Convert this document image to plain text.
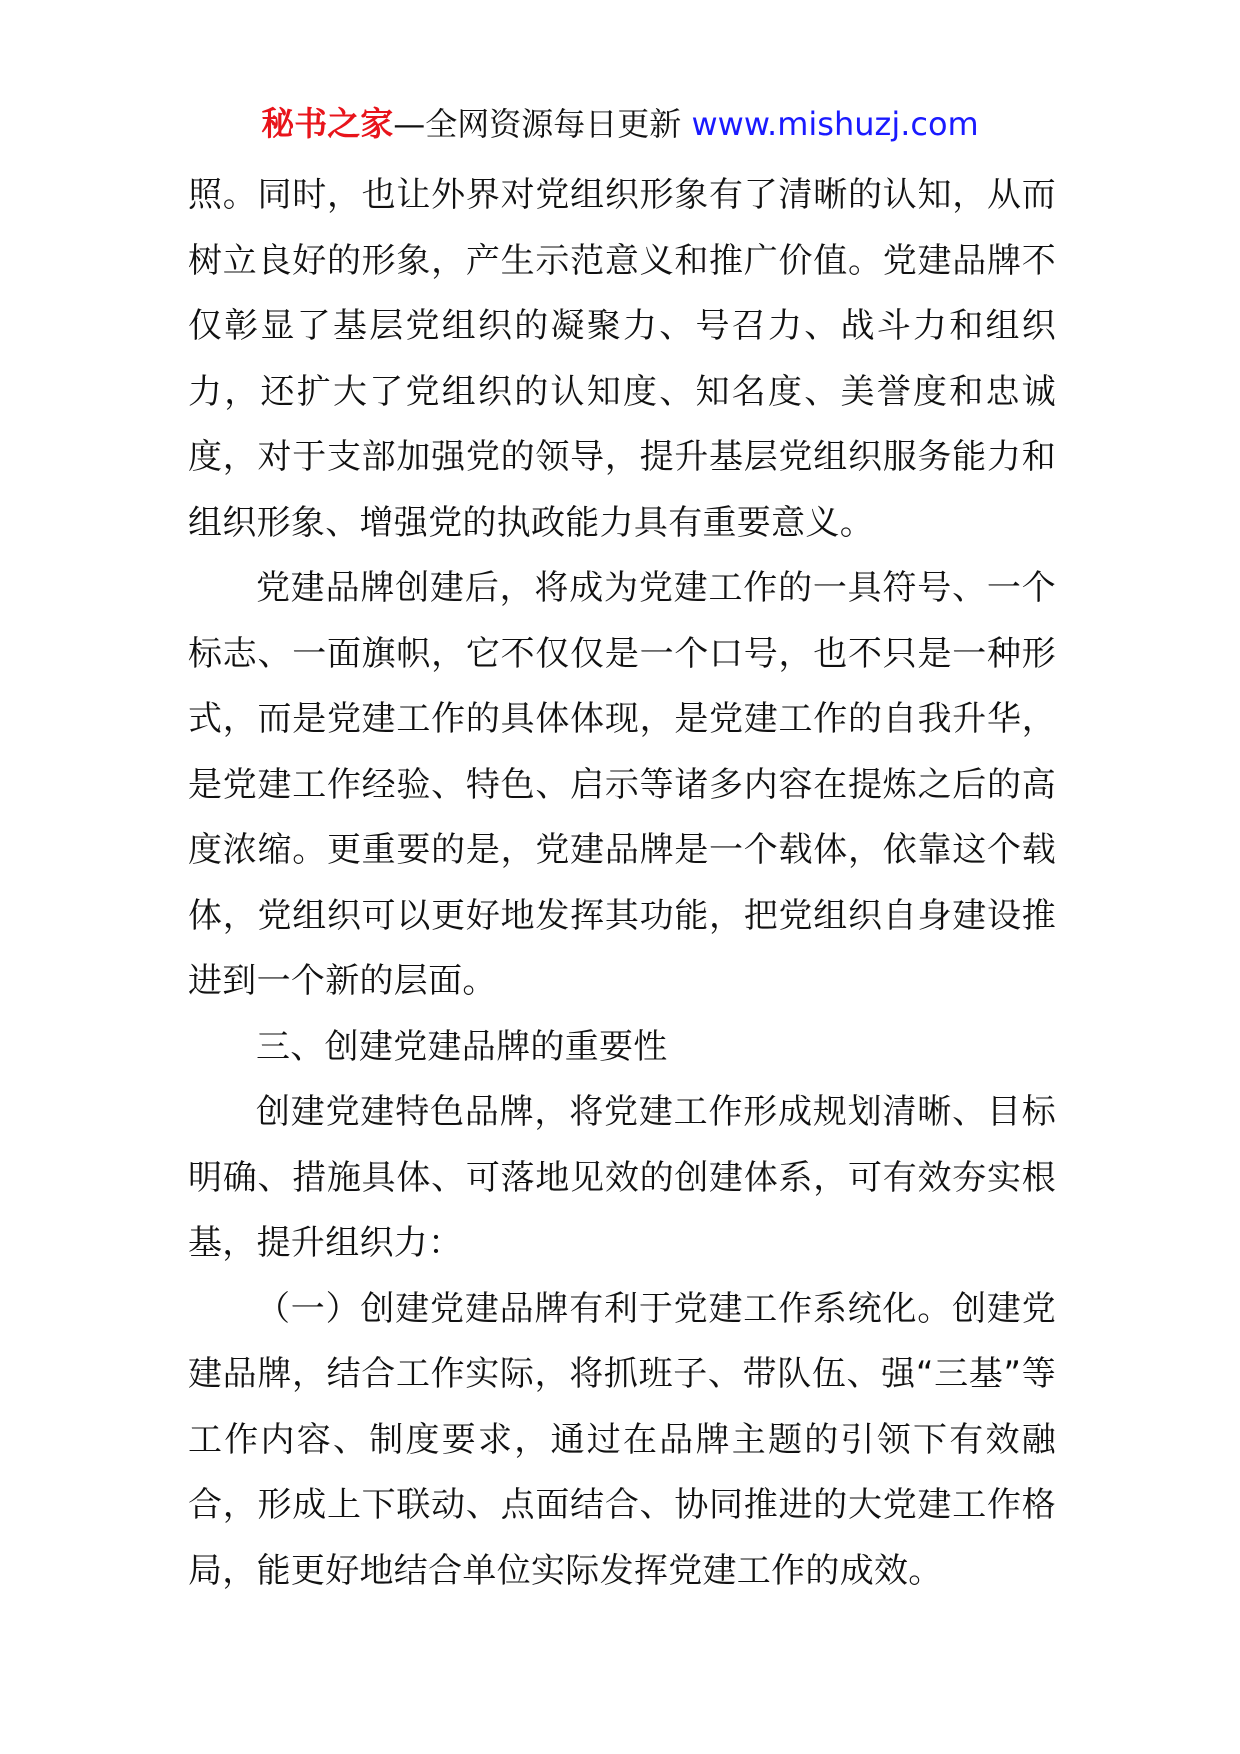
秘书之家—全网资源每日更新 www.mishuzj.com

照。同时，也让外界对党组织形象有了清晰的认知，从而树立良好的形象，产生示范意义和推广价值。党建品牌不仅彰显了基层党组织的凝聚力、号召力、战斗力和组织力，还扩大了党组织的认知度、知名度、美誉度和忠诚度，对于支部加强党的领导，提升基层党组织服务能力和组织形象、增强党的执政能力具有重要意义。

党建品牌创建后，将成为党建工作的一具符号、一个标志、一面旗帜，它不仅仅是一个口号，也不只是一种形式，而是党建工作的具体体现，是党建工作的自我升华，是党建工作经验、特色、启示等诸多内容在提炼之后的高度浓缩。更重要的是，党建品牌是一个载体，依靠这个载体，党组织可以更好地发挥其功能，把党组织自身建设推进到一个新的层面。

三、创建党建品牌的重要性

创建党建特色品牌，将党建工作形成规划清晰、目标明确、措施具体、可落地见效的创建体系，可有效夯实根基，提升组织力：

（一）创建党建品牌有利于党建工作系统化。创建党建品牌，结合工作实际，将抓班子、带队伍、强“三基”等工作内容、制度要求，通过在品牌主题的引领下有效融合，形成上下联动、点面结合、协同推进的大党建工作格局，能更好地结合单位实际发挥党建工作的成效。
